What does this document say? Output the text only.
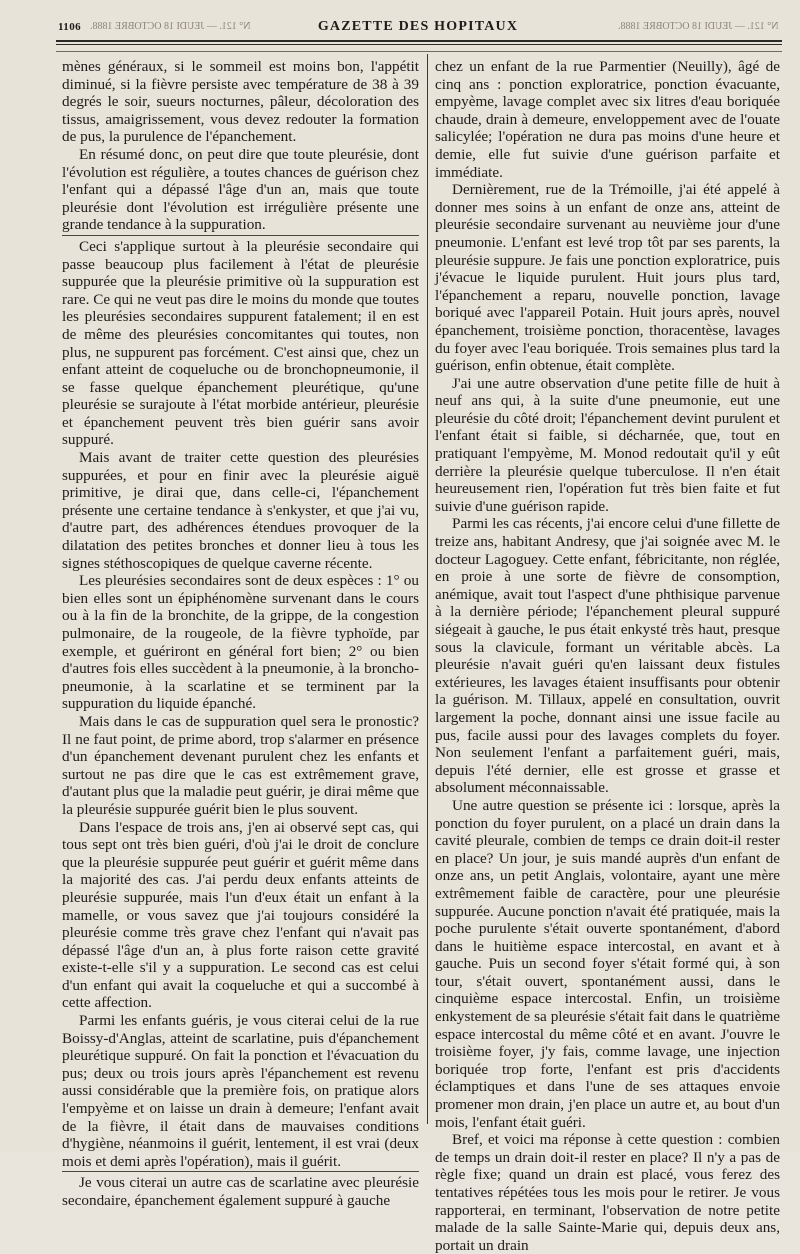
1106 N° 121. — JEUDI 18 OCTOBRE 1888.	GAZETTE DES HOPITAUX	N° 121. — JEUDI 18 OCTOBRE 1888.

mènes généraux, si le sommeil est moins bon, l'appétit diminué, si la fièvre persiste avec température de 38 à 39 degrés le soir, sueurs nocturnes, pâleur, décoloration des tissus, amaigrissement, vous devez redouter la formation de pus, la purulence de l'épanchement.

En résumé donc, on peut dire que toute pleurésie, dont l'évolution est régulière, a toutes chances de guérison chez l'enfant qui a dépassé l'âge d'un an, mais que toute pleurésie dont l'évolution est irrégulière présente une grande tendance à la suppuration.

Ceci s'applique surtout à la pleurésie secondaire qui passe beaucoup plus facilement à l'état de pleurésie suppurée que la pleurésie primitive où la suppuration est rare. Ce qui ne veut pas dire le moins du monde que toutes les pleurésies secondaires suppurent fatalement; il en est de même des pleurésies concomitantes qui toutes, non plus, ne suppurent pas forcément. C'est ainsi que, chez un enfant atteint de coqueluche ou de bronchopneumonie, il se fasse quelque épanchement pleurétique, qu'une pleurésie se surajoute à l'état morbide antérieur, pleurésie et épanchement peuvent très bien guérir sans avoir suppuré.

Mais avant de traiter cette question des pleurésies suppurées, et pour en finir avec la pleurésie aiguë primitive, je dirai que, dans celle-ci, l'épanchement présente une certaine tendance à s'enkyster, et que j'ai vu, d'autre part, des adhérences étendues provoquer de la dilatation des petites bronches et donner lieu à tous les signes stéthoscopiques de quelque caverne récente.

Les pleurésies secondaires sont de deux espèces : 1° ou bien elles sont un épiphénomène survenant dans le cours ou à la fin de la bronchite, de la grippe, de la congestion pulmonaire, de la rougeole, de la fièvre typhoïde, par exemple, et guériront en général fort bien; 2° ou bien d'autres fois elles succèdent à la pneumonie, à la broncho-pneumonie, à la scarlatine et se terminent par la suppuration du liquide épanché.

Mais dans le cas de suppuration quel sera le pronostic? Il ne faut point, de prime abord, trop s'alarmer en présence d'un épanchement devenant purulent chez les enfants et surtout ne pas dire que le cas est extrêmement grave, d'autant plus que la maladie peut guérir, je dirai même que la pleurésie suppurée guérit bien le plus souvent.

Dans l'espace de trois ans, j'en ai observé sept cas, qui tous sept ont très bien guéri, d'où j'ai le droit de conclure que la pleurésie suppurée peut guérir et guérit même dans la majorité des cas. J'ai perdu deux enfants atteints de pleurésie suppurée, mais l'un d'eux était un enfant à la mamelle, or vous savez que j'ai toujours considéré la pleurésie comme très grave chez l'enfant qui n'avait pas dépassé l'âge d'un an, à plus forte raison cette gravité existe-t-elle s'il y a suppuration. Le second cas est celui d'un enfant qui avait la coqueluche et qui a succombé à cette affection.

Parmi les enfants guéris, je vous citerai celui de la rue Boissy-d'Anglas, atteint de scarlatine, puis d'épanchement pleurétique suppuré. On fait la ponction et l'évacuation du pus; deux ou trois jours après l'épanchement est revenu aussi considérable que la première fois, on pratique alors l'empyème et on laisse un drain à demeure; l'enfant avait de la fièvre, il était dans de mauvaises conditions d'hygiène, néanmoins il guérit, lentement, il est vrai (deux mois et demi après l'opération), mais il guérit.

Je vous citerai un autre cas de scarlatine avec pleurésie secondaire, épanchement également suppuré à gauche

chez un enfant de la rue Parmentier (Neuilly), âgé de cinq ans : ponction exploratrice, ponction évacuante, empyème, lavage complet avec six litres d'eau boriquée chaude, drain à demeure, enveloppement avec de l'ouate salicylée; l'opération ne dura pas moins d'une heure et demie, elle fut suivie d'une guérison parfaite et immédiate.

Dernièrement, rue de la Trémoille, j'ai été appelé à donner mes soins à un enfant de onze ans, atteint de pleurésie secondaire survenant au neuvième jour d'une pneumonie. L'enfant est levé trop tôt par ses parents, la pleurésie suppure. Je fais une ponction exploratrice, puis j'évacue le liquide purulent. Huit jours plus tard, l'épanchement a reparu, nouvelle ponction, lavage boriqué avec l'appareil Potain. Huit jours après, nouvel épanchement, troisième ponction, thoracentèse, lavages du foyer avec l'eau boriquée. Trois semaines plus tard la guérison, enfin obtenue, était complète.

J'ai une autre observation d'une petite fille de huit à neuf ans qui, à la suite d'une pneumonie, eut une pleurésie du côté droit; l'épanchement devint purulent et l'enfant était si faible, si décharnée, que, tout en pratiquant l'empyème, M. Monod redoutait qu'il y eût derrière la pleurésie quelque tuberculose. Il n'en était heureusement rien, l'opération fut très bien faite et fut suivie d'une guérison rapide.

Parmi les cas récents, j'ai encore celui d'une fillette de treize ans, habitant Andresy, que j'ai soignée avec M. le docteur Lagoguey. Cette enfant, fébricitante, non réglée, en proie à une sorte de fièvre de consomption, anémique, avait tout l'aspect d'une phthisique parvenue à la dernière période; l'épanchement pleural suppuré siégeait à gauche, le pus était enkysté très haut, presque sous la clavicule, formant un véritable abcès. La pleurésie n'avait guéri qu'en laissant deux fistules extérieures, les lavages étaient insuffisants pour obtenir la guérison. M. Tillaux, appelé en consultation, ouvrit largement la poche, donnant ainsi une issue facile au pus, facile aussi pour des lavages complets du foyer. Non seulement l'enfant a parfaitement guéri, mais, depuis l'été dernier, elle est grosse et grasse et absolument méconnaissable.

Une autre question se présente ici : lorsque, après la ponction du foyer purulent, on a placé un drain dans la cavité pleurale, combien de temps ce drain doit-il rester en place? Un jour, je suis mandé auprès d'un enfant de onze ans, un petit Anglais, volontaire, ayant une mère extrêmement faible de caractère, pour une pleurésie suppurée. Aucune ponction n'avait été pratiquée, mais la poche purulente s'était ouverte spontanément, d'abord dans le huitième espace intercostal, en avant et à gauche. Puis un second foyer s'était formé qui, à son tour, s'était ouvert, spontanément aussi, dans le cinquième espace intercostal. Enfin, un troisième enkystement de sa pleurésie s'était fait dans le quatrième espace intercostal du même côté et en avant. J'ouvre le troisième foyer, j'y fais, comme lavage, une injection boriquée trop forte, l'enfant est pris d'accidents éclamptiques et dans l'une de ses attaques envoie promener mon drain, j'en place un autre et, au bout d'un mois, l'enfant était guéri.

Bref, et voici ma réponse à cette question : combien de temps un drain doit-il rester en place? Il n'y a pas de règle fixe; quand un drain est placé, vous ferez des tentatives répétées tous les mois pour le retirer. Je vous rapporterai, en terminant, l'observation de notre petite malade de la salle Sainte-Marie qui, depuis deux ans, portait un drain
